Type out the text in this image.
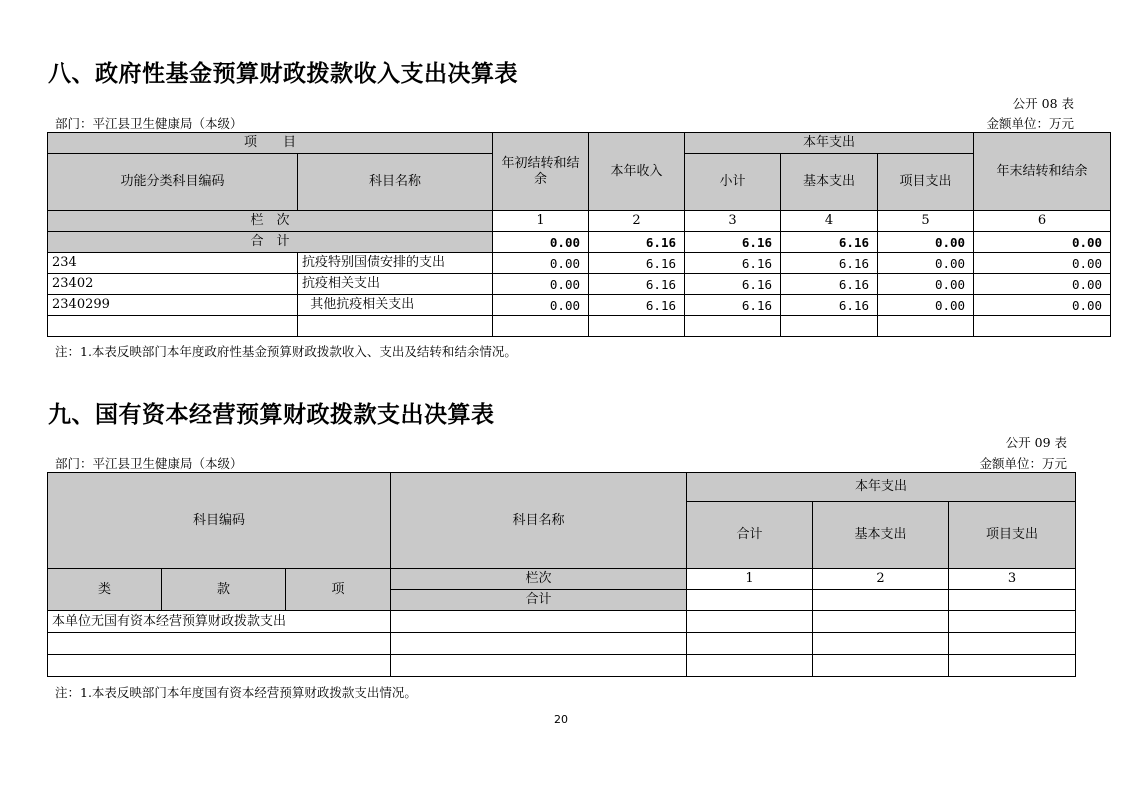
八、政府性基金预算财政拨款收入支出决算表
公开 08 表
部门：平江县卫生健康局（本级）	金额单位：万元
项　　目		年初结转和结余	本年收入	本年支出			年末结转和结余
功能分类科目编码	科目名称			小计	基本支出	项目支出	
栏　次		1	2	3	4	5	6
合　计		0.00	6.16	6.16	6.16	0.00	0.00
234	抗疫特别国债安排的支出	0.00	6.16	6.16	6.16	0.00	0.00
23402	抗疫相关支出	0.00	6.16	6.16	6.16	0.00	0.00
2340299	其他抗疫相关支出	0.00	6.16	6.16	6.16	0.00	0.00

注：1.本表反映部门本年度政府性基金预算财政拨款收入、支出及结转和结余情况。
九、国有资本经营预算财政拨款支出决算表
公开 09 表
部门：平江县卫生健康局（本级）	金额单位：万元
科目编码			科目名称	本年支出		
				合计	基本支出	项目支出
类	款	项	栏次	1	2	3
			合计			
本单位无国有资本经营预算财政拨款支出						

注：1.本表反映部门本年度国有资本经营预算财政拨款支出情况。
20
